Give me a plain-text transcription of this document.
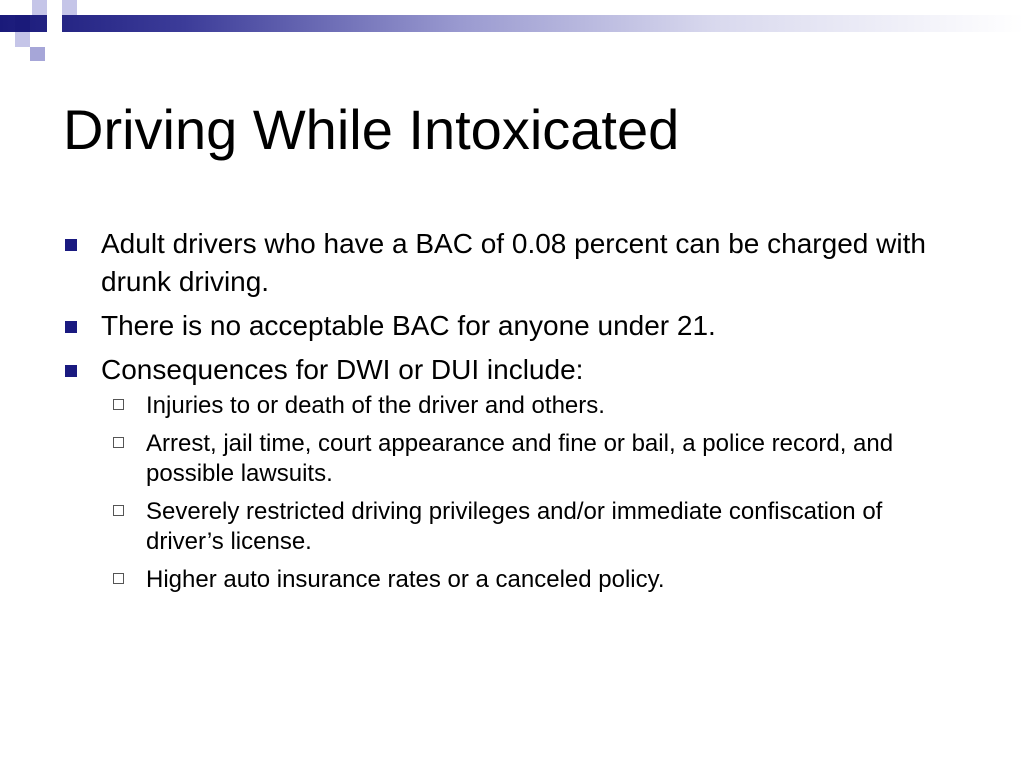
Driving While Intoxicated
Adult drivers who have a BAC of 0.08 percent can be charged with drunk driving.
There is no acceptable BAC for anyone under 21.
Consequences for DWI or DUI include:
Injuries to or death of the driver and others.
Arrest, jail time, court appearance and fine or bail, a police record, and possible lawsuits.
Severely restricted driving privileges and/or immediate confiscation of driver’s license.
Higher auto insurance rates or a canceled policy.
